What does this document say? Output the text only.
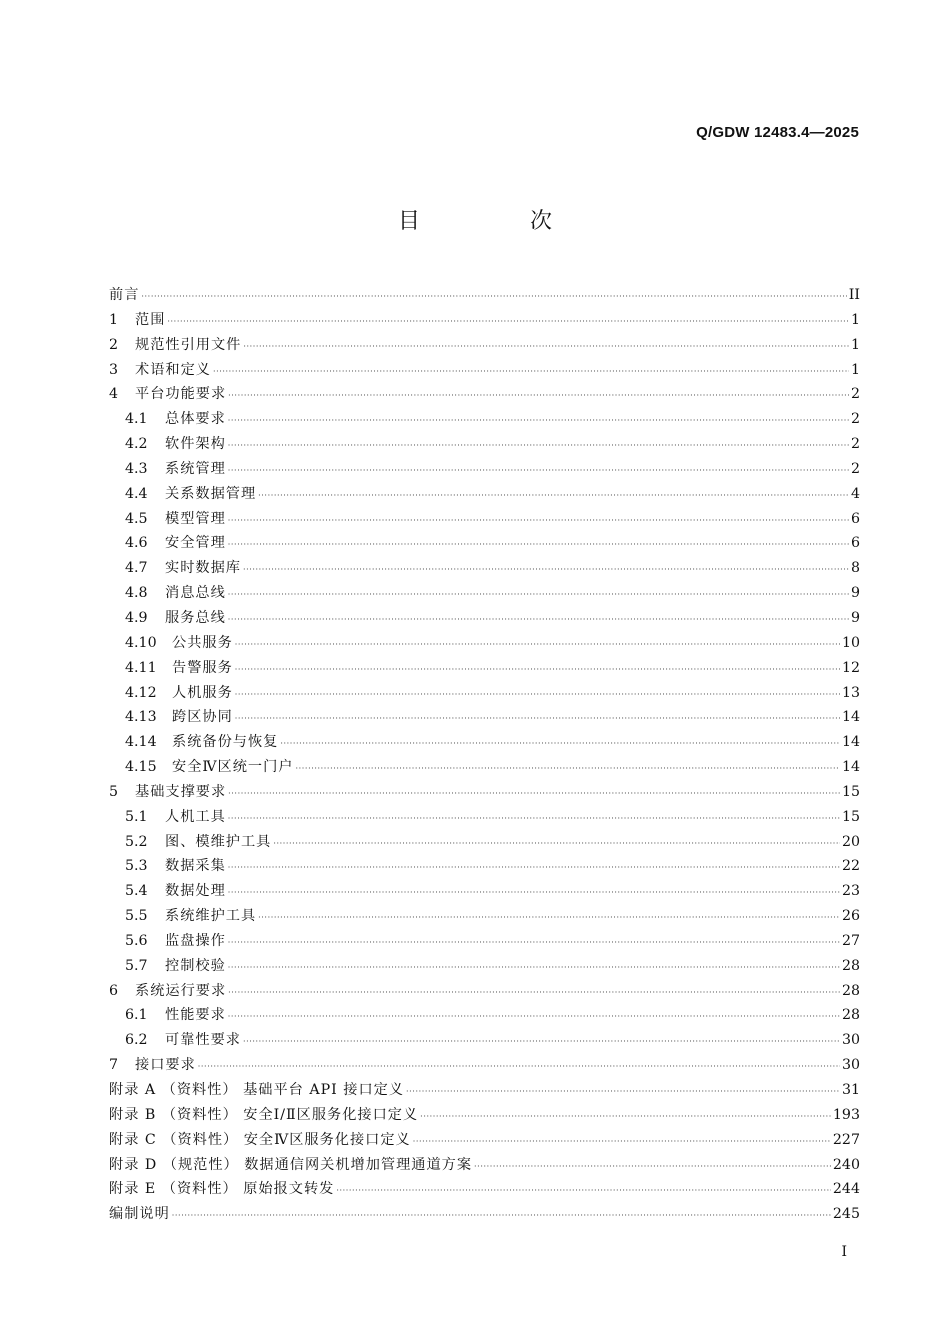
Q/GDW 12483.4—2025
目　次
前言 ·····	II
1	范围 ·····	1
2	规范性引用文件 ·····	1
3	术语和定义 ·····	1
4	平台功能要求 ·····	2
4.1	总体要求 ·····	2
4.2	软件架构 ·····	2
4.3	系统管理 ·····	2
4.4	关系数据管理 ·····	4
4.5	模型管理 ·····	6
4.6	安全管理 ·····	6
4.7	实时数据库 ·····	8
4.8	消息总线 ·····	9
4.9	服务总线 ·····	9
4.10	公共服务 ·····	10
4.11	告警服务 ·····	12
4.12	人机服务 ·····	13
4.13	跨区协同 ·····	14
4.14	系统备份与恢复 ·····	14
4.15	安全Ⅳ区统一门户 ·····	14
5	基础支撑要求 ·····	15
5.1	人机工具 ·····	15
5.2	图、模维护工具 ·····	20
5.3	数据采集 ·····	22
5.4	数据处理 ·····	23
5.5	系统维护工具 ·····	26
5.6	监盘操作 ·····	27
5.7	控制校验 ·····	28
6	系统运行要求 ·····	28
6.1	性能要求 ·····	28
6.2	可靠性要求 ·····	30
7	接口要求 ·····	30
附录 A （资料性） 基础平台 API 接口定义 ·····	31
附录 B （资料性） 安全Ⅰ/Ⅱ区服务化接口定义 ·····	193
附录 C （资料性） 安全Ⅳ区服务化接口定义 ·····	227
附录 D （规范性） 数据通信网关机增加管理通道方案 ·····	240
附录 E （资料性） 原始报文转发 ·····	244
编制说明 ·····	245
I
